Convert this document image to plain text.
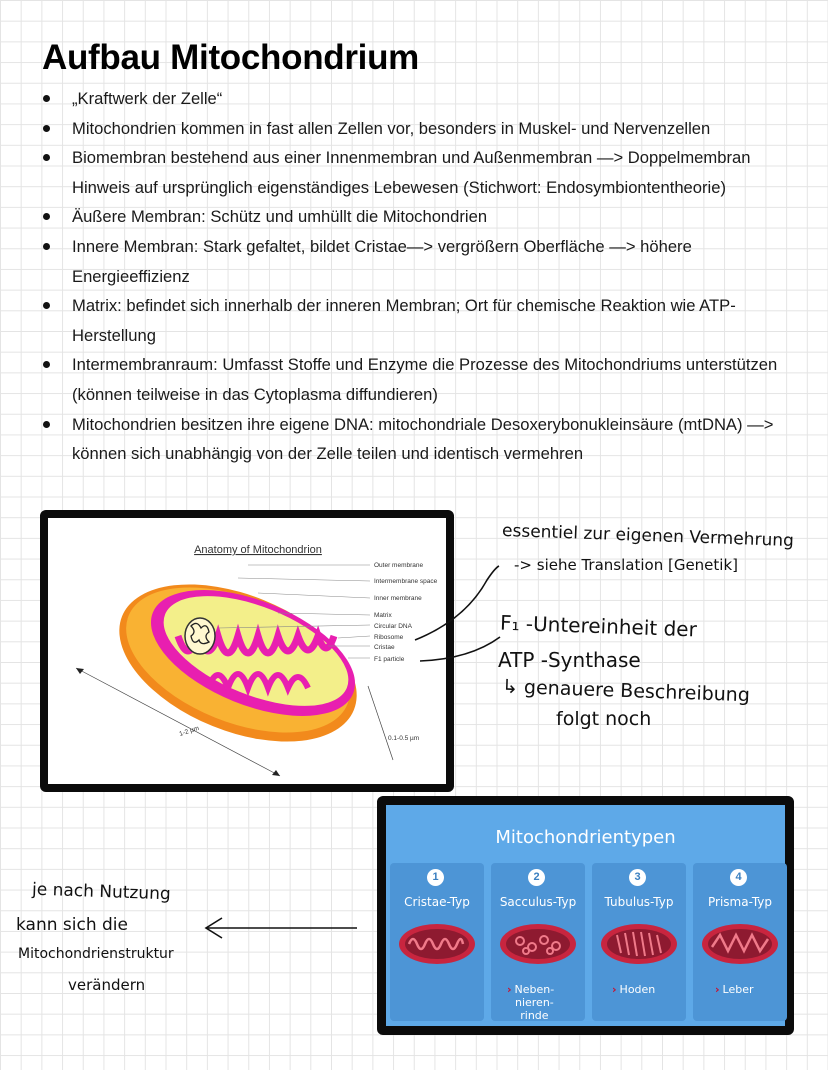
Aufbau Mitochondrium
„Kraftwerk der Zelle“
Mitochondrien kommen in fast allen Zellen vor, besonders in Muskel- und Nervenzellen
Biomembran bestehend aus einer Innenmembran und Außenmembran —> Doppelmembran Hinweis auf ursprünglich eigenständiges Lebewesen (Stichwort: Endosymbiontentheorie)
Äußere Membran: Schütz und umhüllt die Mitochondrien
Innere Membran: Stark gefaltet, bildet Cristae—> vergrößern Oberfläche —> höhere Energieeffizienz
Matrix: befindet sich innerhalb der inneren Membran; Ort für chemische Reaktion wie ATP-Herstellung
Intermembranraum: Umfasst Stoffe und Enzyme die Prozesse des Mitochondriums unterstützen (können teilweise in das Cytoplasma diffundieren)
Mitochondrien besitzen ihre eigene DNA: mitochondriale Desoxerybonukleinsäure (mtDNA) —> können sich unabhängig von der Zelle teilen und identisch vermehren
Anatomy of Mitochondrion
Outer membrane
Intermembrane space
Inner membrane
Matrix
Circular DNA
Ribosome
Cristae
F1 particle
1-2 µm
0.1-0.5 µm
essentiel zur eigenen Vermehrung
-> siehe Translation [Genetik]
F₁ -Untereinheit der
ATP -Synthase
↳ genauere Beschreibung
folgt noch
je nach Nutzung
kann sich die
Mitochondrienstruktur
verändern
Mitochondrientypen
1
Cristae-Typ
2
Sacculus-Typ
› Neben-
nieren-
rinde
3
Tubulus-Typ
› Hoden
4
Prisma-Typ
› Leber
